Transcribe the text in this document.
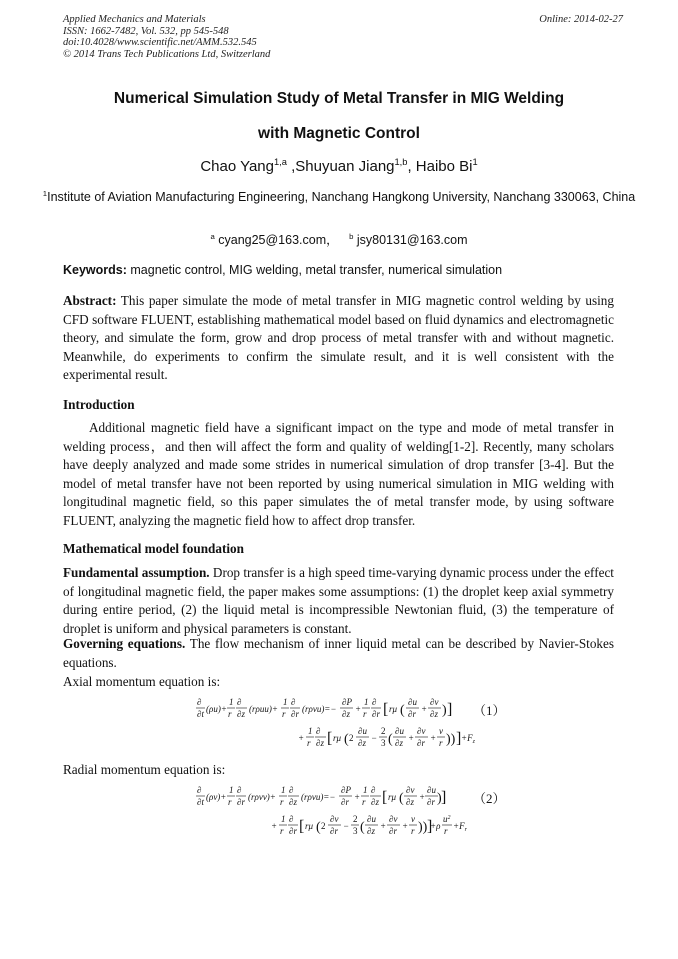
Applied Mechanics and Materials
ISSN: 1662-7482, Vol. 532, pp 545-548
doi:10.4028/www.scientific.net/AMM.532.545
© 2014 Trans Tech Publications Ltd, Switzerland
Online: 2014-02-27
Numerical Simulation Study of Metal Transfer in MIG Welding
with Magnetic Control
Chao Yang$^{1,a}$ ,Shuyuan Jiang$^{1,b}$, Haibo Bi$^1$
$^1$Institute of Aviation Manufacturing Engineering, Nanchang Hangkong University, Nanchang 330063, China
$^a$ cyang25@163.com， $^b$ jsy80131@163.com
Keywords: magnetic control, MIG welding, metal transfer, numerical simulation
Abstract: This paper simulate the mode of metal transfer in MIG magnetic control welding by using CFD software FLUENT, establishing mathematical model based on fluid dynamics and electromagnetic theory, and simulate the form, grow and drop process of metal transfer with and without magnetic. Meanwhile, do experiments to confirm the simulate result, and it is well consistent with the experimental result.
Introduction
Additional magnetic field have a significant impact on the type and mode of metal transfer in welding process，and then will affect the form and quality of welding[1-2]. Recently, many scholars have deeply analyzed and made some strides in numerical simulation of drop transfer [3-4]. But the model of metal transfer have not been reported by using numerical simulation in MIG welding with longitudinal magnetic field, so this paper simulates the of metal transfer mode, by using software FLUENT, analyzing the magnetic field how to affect drop transfer.
Mathematical model foundation
Fundamental assumption. Drop transfer is a high speed time-varying dynamic process under the effect of longitudinal magnetic field, the paper makes some assumptions: (1) the droplet keep axial symmetry during entire period, (2) the liquid metal is incompressible Newtonian fluid, (3) the temperature of droplet is uniform and physical parameters is constant.
Governing equations. The flow mechanism of inner liquid metal can be described by Navier-Stokes equations.
Axial momentum equation is:
∂
∂t (ρu)+
1
r
∂
∂z (rρuu)+
1
r
∂
∂r (rρvu)=−
∂P
∂z +
1
r
∂
∂r [ rμ (
∂u
∂r +
∂v
∂z ) ]
+
1
r
∂
∂z [ rμ ( 2
∂u
∂z −
2
3 (
∂u
∂z +
∂v
∂r +
v
r )) ] $+F_z$
（1）
Radial momentum equation is:
∂
∂t (ρv)+
1
r
∂
∂r (rρvv)+
1
r
∂
∂z (rρvu)=−
∂P
∂r +
1
r
∂
∂z [ rμ (
∂v
∂z +
∂u
∂r ) ]
+
1
r
∂
∂r [ rμ ( 2
∂v
∂r −
2
3 (
∂u
∂z +
∂v
∂r +
v
r )) ]
+ρ
$u^2$
$r +F_r$
（2）
